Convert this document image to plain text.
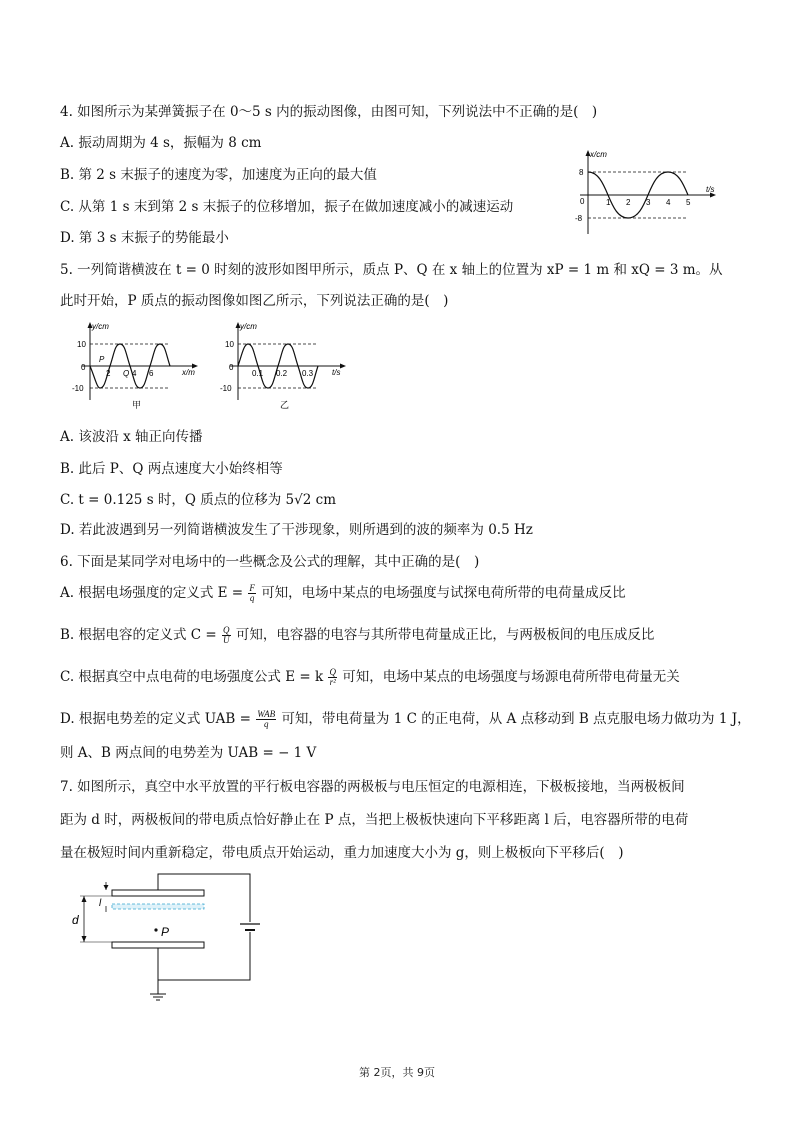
4. 如图所示为某弹簧振子在 0～5 s 内的振动图像，由图可知，下列说法中不正确的是(　)
A. 振动周期为 4 s，振幅为 8 cm
B. 第 2 s 末振子的速度为零，加速度为正向的最大值
C. 从第 1 s 末到第 2 s 末振子的位移增加，振子在做加速度减小的减速运动
D. 第 3 s 末振子的势能最小
x/cm
t/s
8
0
-8
1 2 3 4 5
5. 一列简谐横波在 t = 0 时刻的波形如图甲所示，质点 P、Q 在 x 轴上的位置为 xP = 1 m 和 xQ = 3 m。从
此时开始，P 质点的振动图像如图乙所示，下列说法正确的是(　)
y/cm
x/m
10
0
-10
2	4 6
P
Q
甲
y/cm
t/s
10
0
-10
0.1 0.2 0.3
乙
A. 该波沿 x 轴正向传播
B. 此后 P、Q 两点速度大小始终相等
C. t = 0.125 s 时，Q 质点的位移为 5√2 cm
D. 若此波遇到另一列简谐横波发生了干涉现象，则所遇到的波的频率为 0.5 Hz
6. 下面是某同学对电场中的一些概念及公式的理解，其中正确的是(　)
A. 根据电场强度的定义式 $E = \frac{F}{q}$ 可知，电场中某点的电场强度与试探电荷所带的电荷量成反比
B. 根据电容的定义式 $C = \frac{Q}{U}$ 可知，电容器的电容与其所带电荷量成正比，与两极板间的电压成反比
C. 根据真空中点电荷的电场强度公式 E = k $\frac{Q}{\text{r²}}$ 可知，电场中某点的电场强度与场源电荷所带电荷量无关
D. 根据电势差的定义式 UAB = $\frac{\text{WAB}}{q}$ 可知，带电荷量为 1 C 的正电荷，从 A 点移动到 B 点克服电场力做功为 1 J，
则 A、B 两点间的电势差为 UAB = − 1 V
7. 如图所示，真空中水平放置的平行板电容器的两极板与电压恒定的电源相连，下极板接地，当两极板间
距为 d 时，两极板间的带电质点恰好静止在 P 点，当把上极板快速向下平移距离 l 后，电容器所带的电荷
量在极短时间内重新稳定，带电质点开始运动，重力加速度大小为 g，则上极板向下平移后(　)
d
l
P
第 2页，共 9页
